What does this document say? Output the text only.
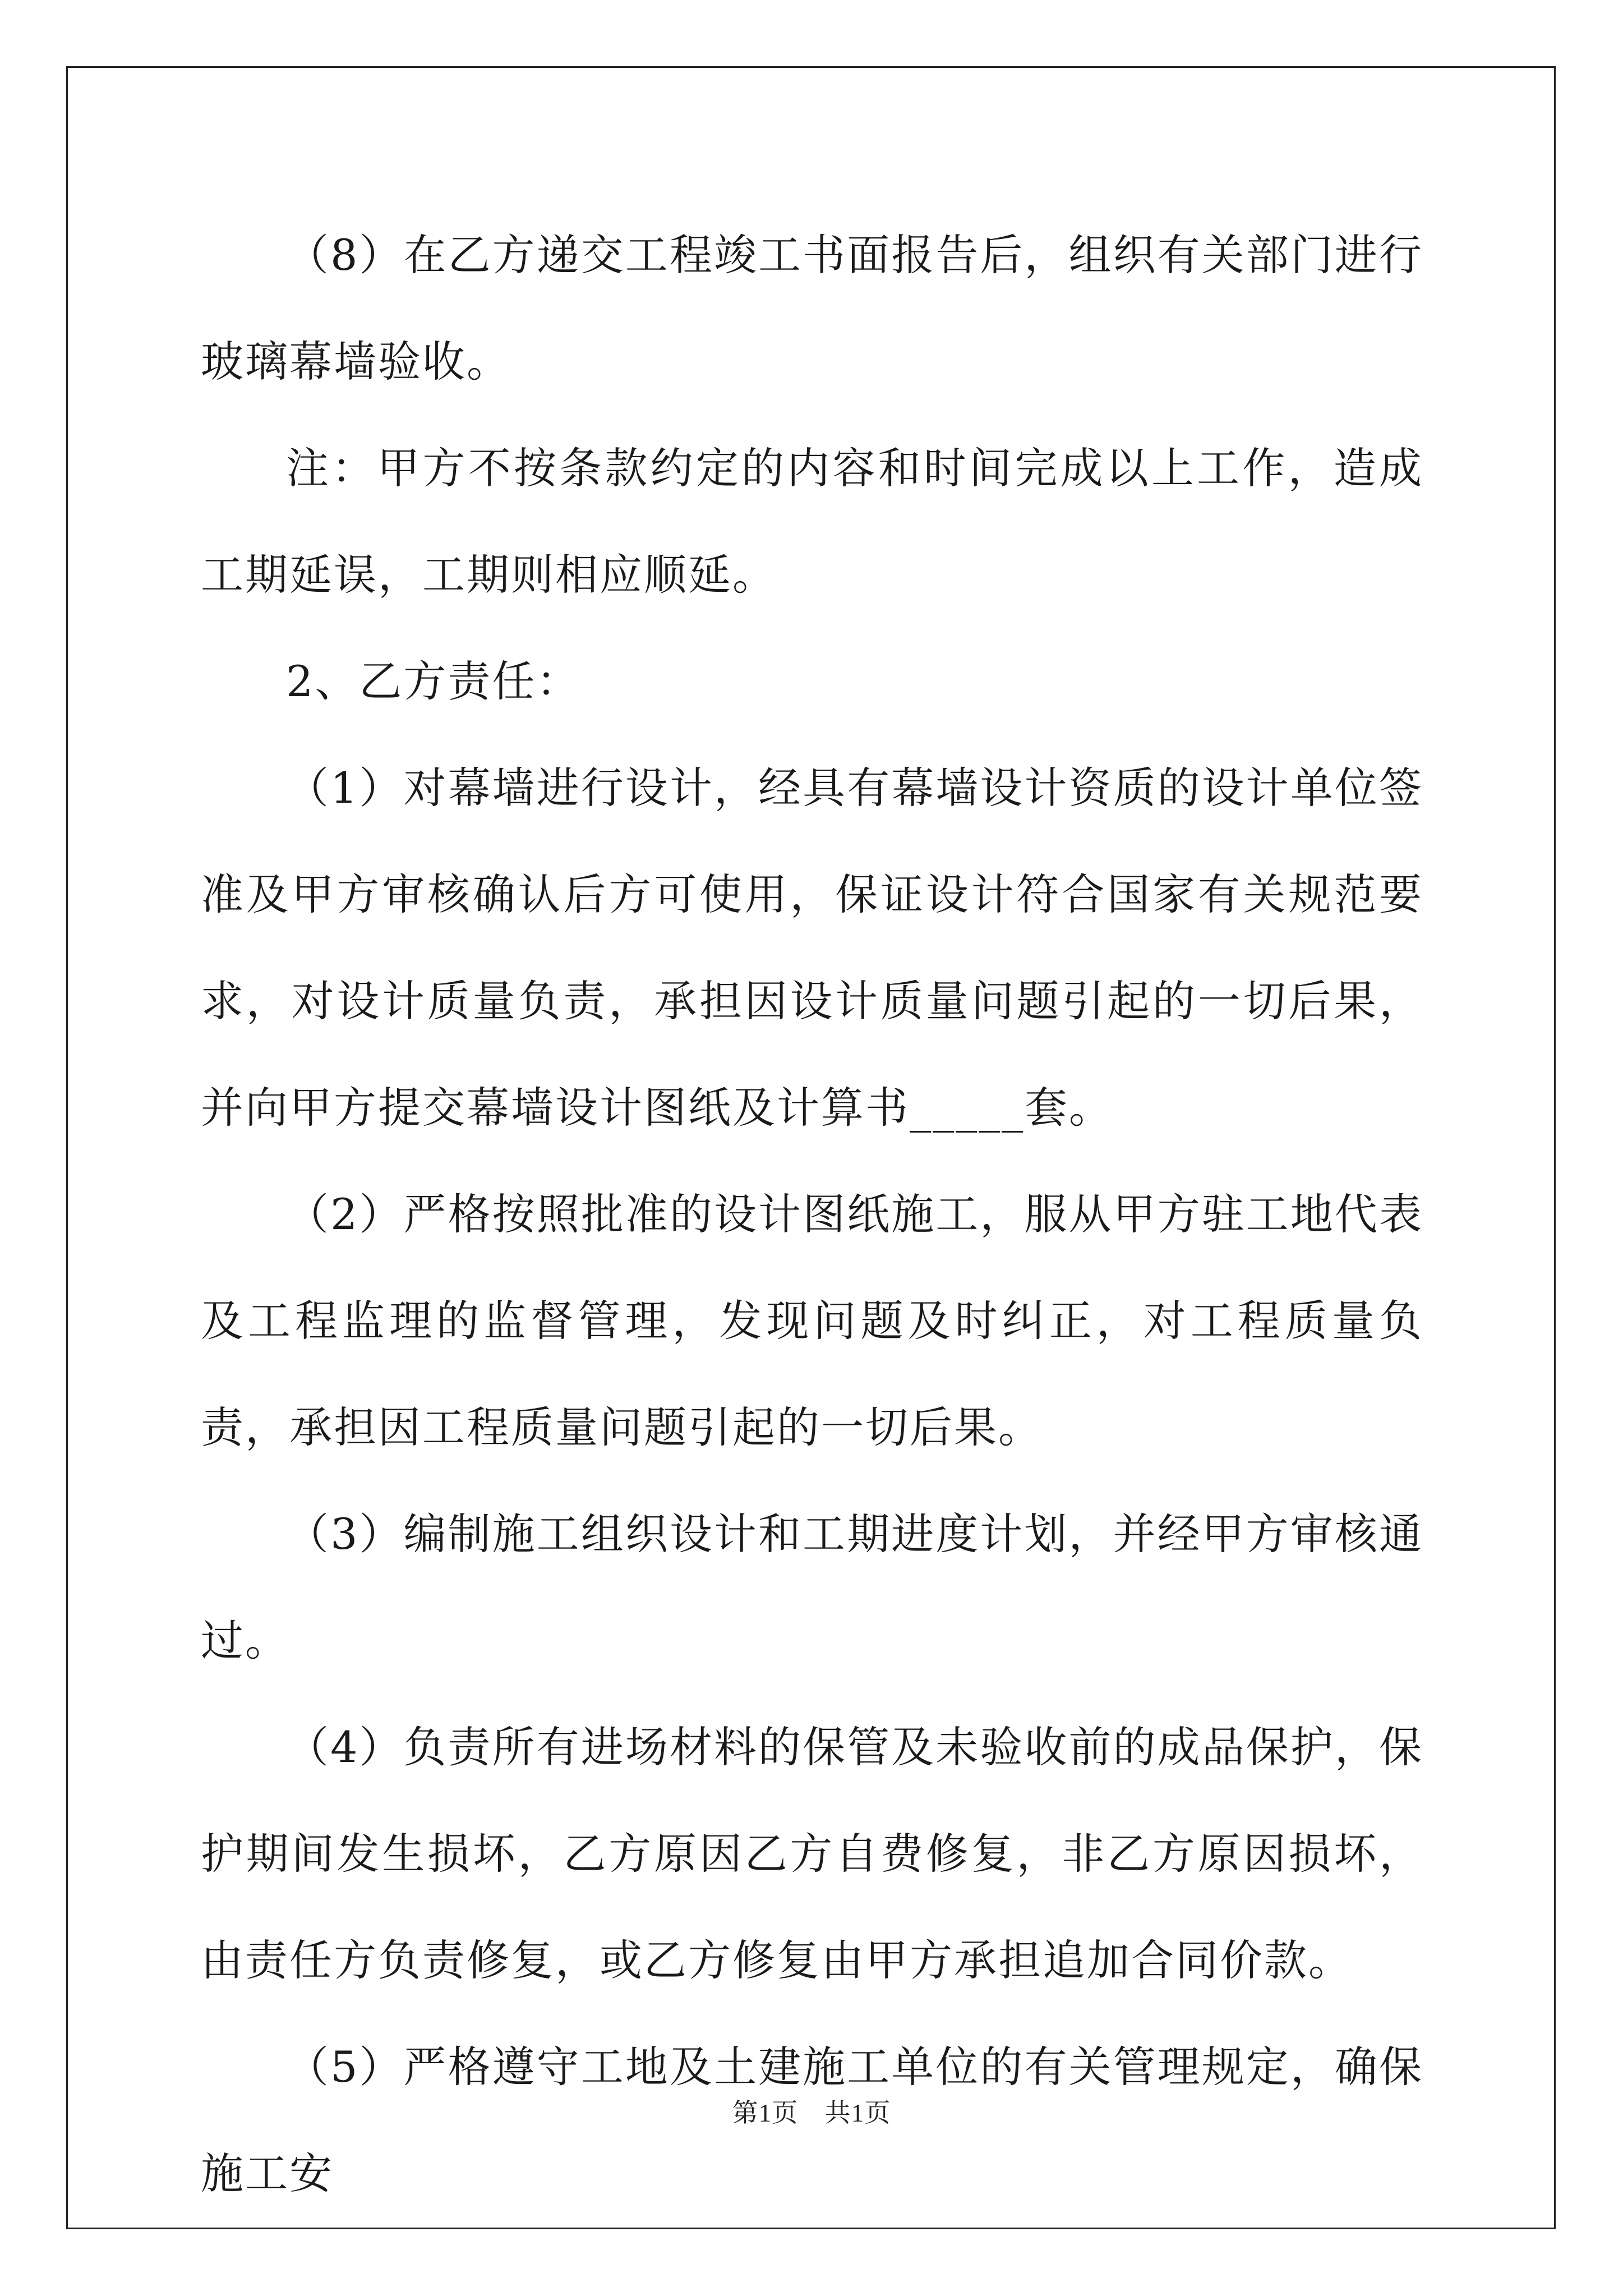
（8）在乙方递交工程竣工书面报告后，组织有关部门进行玻璃幕墙验收。

注：甲方不按条款约定的内容和时间完成以上工作，造成工期延误，工期则相应顺延。

2、乙方责任：

（1）对幕墙进行设计，经具有幕墙设计资质的设计单位签准及甲方审核确认后方可使用，保证设计符合国家有关规范要求，对设计质量负责，承担因设计质量问题引起的一切后果，并向甲方提交幕墙设计图纸及计算书_____套。

（2）严格按照批准的设计图纸施工，服从甲方驻工地代表及工程监理的监督管理，发现问题及时纠正，对工程质量负责，承担因工程质量问题引起的一切后果。

（3）编制施工组织设计和工期进度计划，并经甲方审核通过。

（4）负责所有进场材料的保管及未验收前的成品保护，保护期间发生损坏，乙方原因乙方自费修复，非乙方原因损坏，由责任方负责修复，或乙方修复由甲方承担追加合同价款。

（5）严格遵守工地及土建施工单位的有关管理规定，确保施工安

第1页　共1页
